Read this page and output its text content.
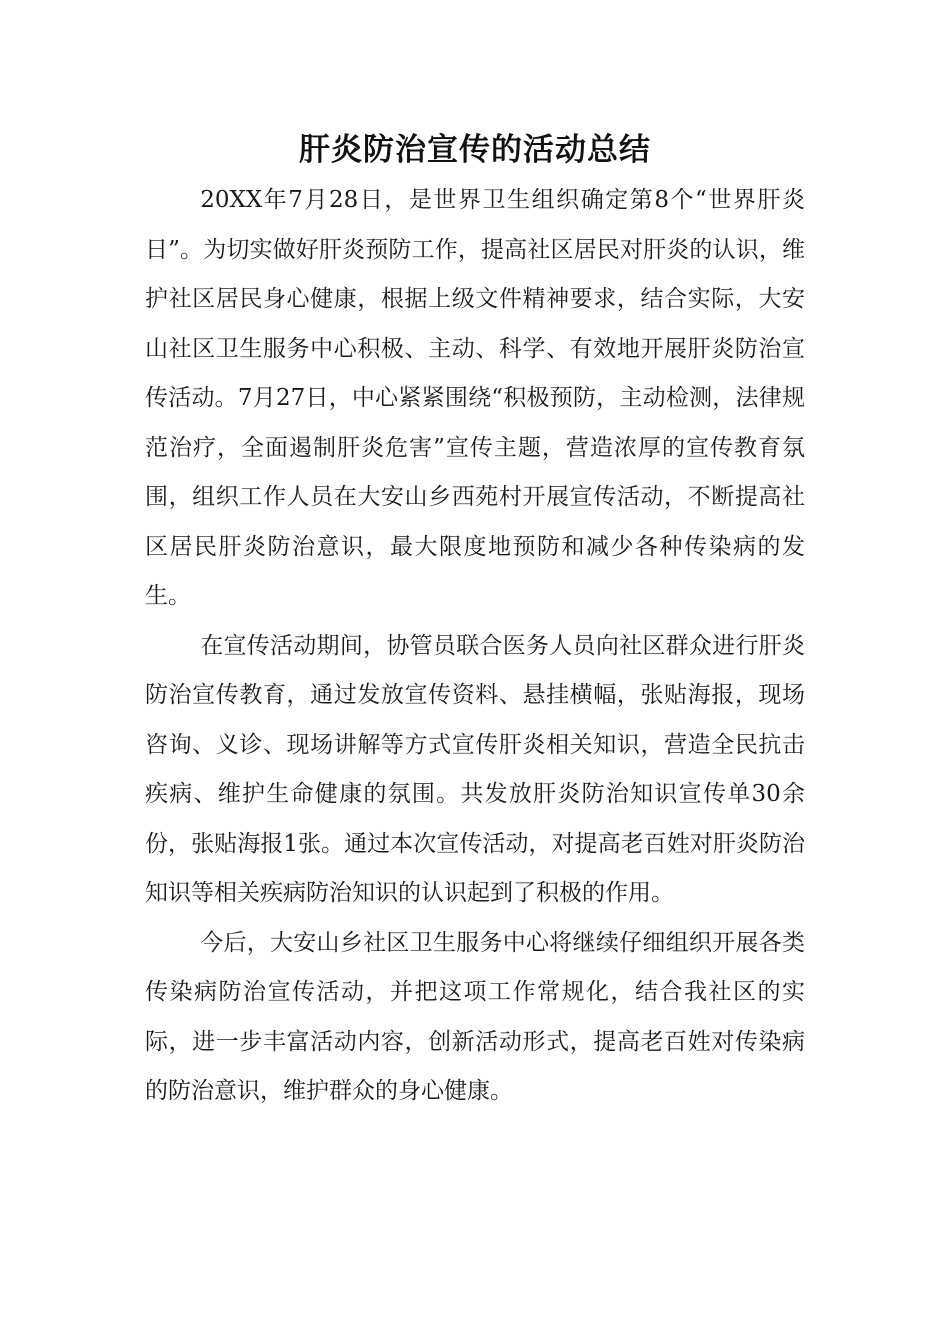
肝炎防治宣传的活动总结

20XX年7月28日，是世界卫生组织确定第8个“世界肝炎日”。为切实做好肝炎预防工作，提高社区居民对肝炎的认识，维护社区居民身心健康，根据上级文件精神要求，结合实际，大安山社区卫生服务中心积极、主动、科学、有效地开展肝炎防治宣传活动。7月27日，中心紧紧围绕“积极预防，主动检测，法律规范治疗，全面遏制肝炎危害”宣传主题，营造浓厚的宣传教育氛围，组织工作人员在大安山乡西苑村开展宣传活动，不断提高社区居民肝炎防治意识，最大限度地预防和减少各种传染病的发生。

在宣传活动期间，协管员联合医务人员向社区群众进行肝炎防治宣传教育，通过发放宣传资料、悬挂横幅，张贴海报，现场咨询、义诊、现场讲解等方式宣传肝炎相关知识，营造全民抗击疾病、维护生命健康的氛围。共发放肝炎防治知识宣传单30余份，张贴海报1张。通过本次宣传活动，对提高老百姓对肝炎防治知识等相关疾病防治知识的认识起到了积极的作用。

今后，大安山乡社区卫生服务中心将继续仔细组织开展各类传染病防治宣传活动，并把这项工作常规化，结合我社区的实际，进一步丰富活动内容，创新活动形式，提高老百姓对传染病的防治意识，维护群众的身心健康。
